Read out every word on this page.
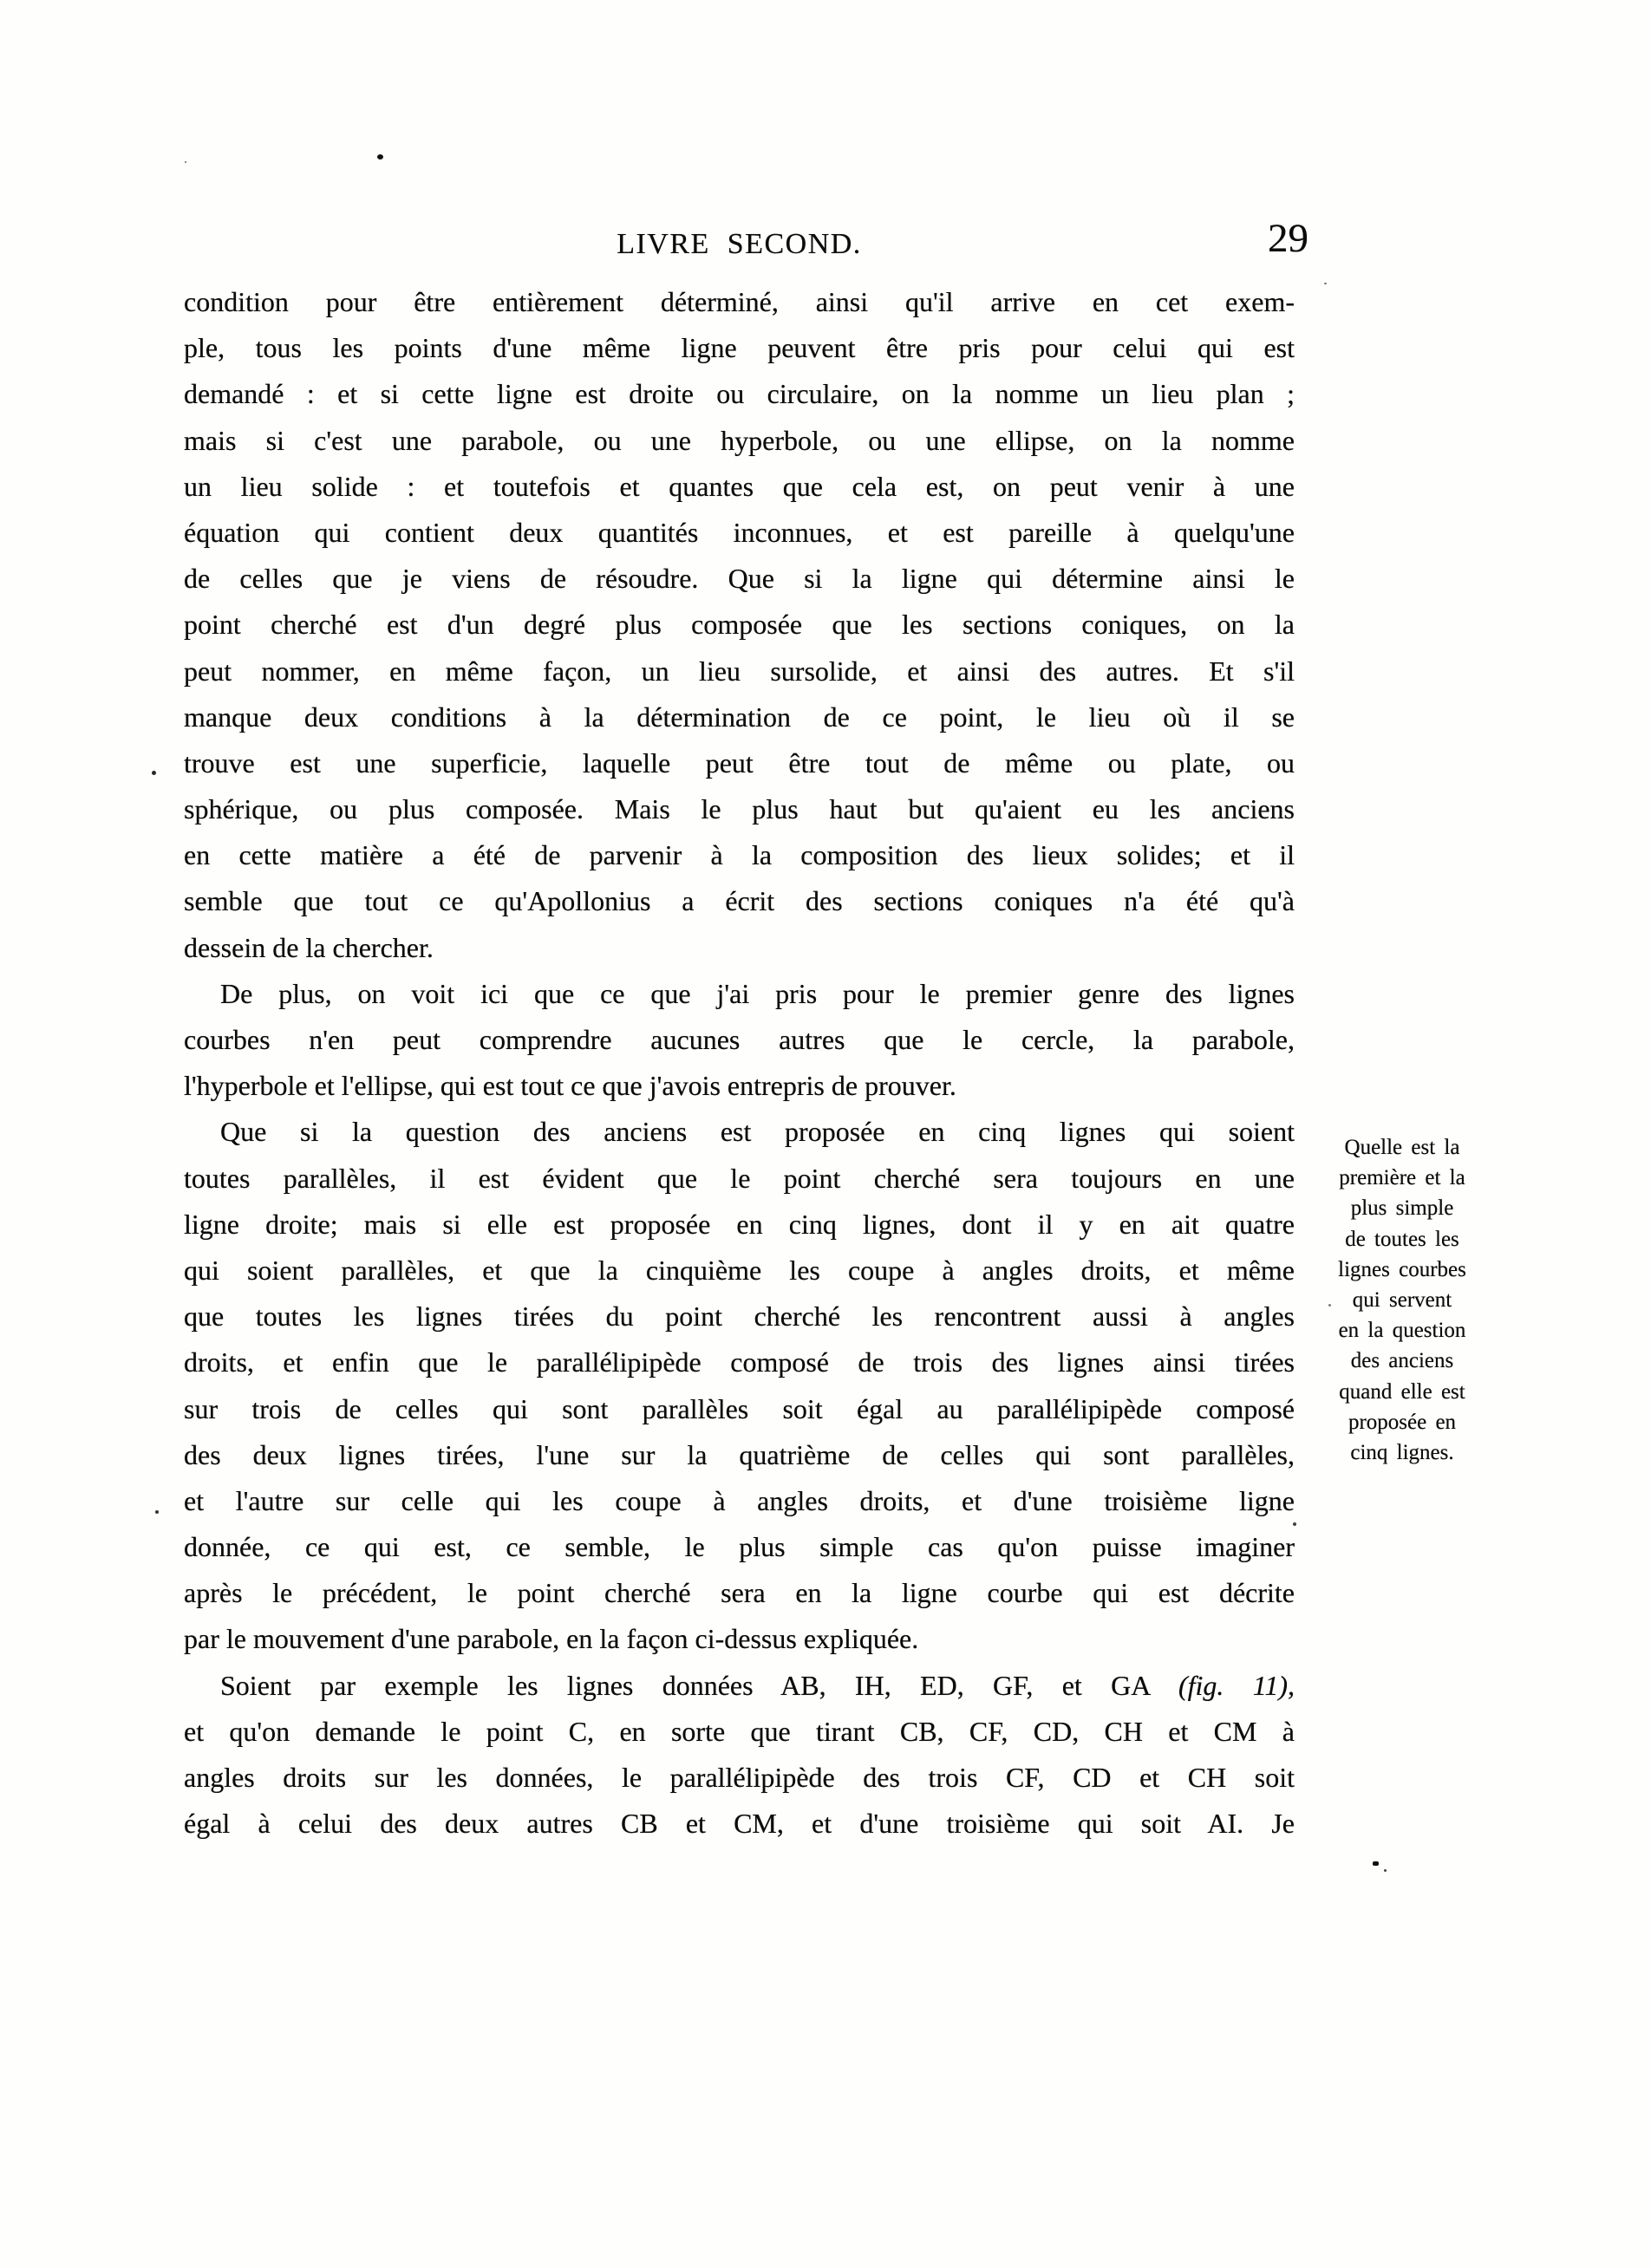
LIVRE SECOND.	29
condition pour être entièrement déterminé, ainsi qu'il arrive en cet exem-
ple, tous les points d'une même ligne peuvent être pris pour celui qui est
demandé : et si cette ligne est droite ou circulaire, on la nomme un lieu plan ;
mais si c'est une parabole, ou une hyperbole, ou une ellipse, on la nomme
un lieu solide : et toutefois et quantes que cela est, on peut venir à une
équation qui contient deux quantités inconnues, et est pareille à quelqu'une
de celles que je viens de résoudre. Que si la ligne qui détermine ainsi le
point cherché est d'un degré plus composée que les sections coniques, on la
peut nommer, en même façon, un lieu sursolide, et ainsi des autres. Et s'il
manque deux conditions à la détermination de ce point, le lieu où il se
trouve est une superficie, laquelle peut être tout de même ou plate, ou
sphérique, ou plus composée. Mais le plus haut but qu'aient eu les anciens
en cette matière a été de parvenir à la composition des lieux solides; et il
semble que tout ce qu'Apollonius a écrit des sections coniques n'a été qu'à
dessein de la chercher.
De plus, on voit ici que ce que j'ai pris pour le premier genre des lignes
courbes n'en peut comprendre aucunes autres que le cercle, la parabole,
l'hyperbole et l'ellipse, qui est tout ce que j'avois entrepris de prouver.
Que si la question des anciens est proposée en cinq lignes qui soient
toutes parallèles, il est évident que le point cherché sera toujours en une
ligne droite; mais si elle est proposée en cinq lignes, dont il y en ait quatre
qui soient parallèles, et que la cinquième les coupe à angles droits, et même
que toutes les lignes tirées du point cherché les rencontrent aussi à angles
droits, et enfin que le parallélipipède composé de trois des lignes ainsi tirées
sur trois de celles qui sont parallèles soit égal au parallélipipède composé
des deux lignes tirées, l'une sur la quatrième de celles qui sont parallèles,
et l'autre sur celle qui les coupe à angles droits, et d'une troisième ligne
donnée, ce qui est, ce semble, le plus simple cas qu'on puisse imaginer
après le précédent, le point cherché sera en la ligne courbe qui est décrite
par le mouvement d'une parabole, en la façon ci-dessus expliquée.
Soient par exemple les lignes données AB, IH, ED, GF, et GA (fig. 11),
et qu'on demande le point C, en sorte que tirant CB, CF, CD, CH et CM à
angles droits sur les données, le parallélipipède des trois CF, CD et CH soit
égal à celui des deux autres CB et CM, et d'une troisième qui soit AI. Je
Quelle est la
première et la
plus simple
de toutes les
lignes courbes
qui servent
en la question
des anciens
quand elle est
proposée en
cinq lignes.
